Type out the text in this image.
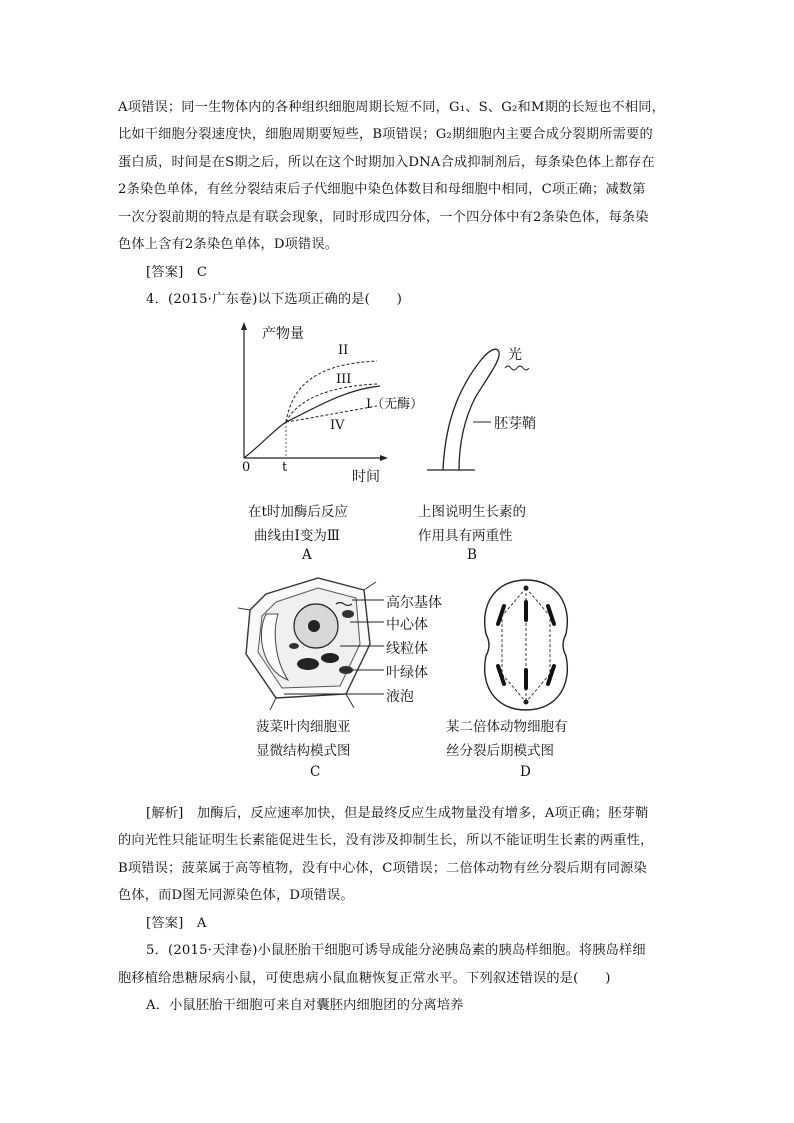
A项错误；同一生物体内的各种组织细胞周期长短不同，G₁、S、G₂和M期的长短也不相同，
比如干细胞分裂速度快，细胞周期要短些，B项错误；G₂期细胞内主要合成分裂期所需要的
蛋白质，时间是在S期之后，所以在这个时期加入DNA合成抑制剂后，每条染色体上都存在
2条染色单体，有丝分裂结束后子代细胞中染色体数目和母细胞中相同，C项正确；减数第
一次分裂前期的特点是有联会现象，同时形成四分体，一个四分体中有2条染色体，每条染
色体上含有2条染色单体，D项错误。
[答案]　C
4．(2015·广东卷)以下选项正确的是(　　)
产物量
II
III
I（无酶）
IV
0 t
时间
在t时加酶后反应
曲线由Ⅰ变为Ⅲ
A
光
胚芽鞘
上图说明生长素的
作用具有两重性
B
高尔基体
中心体
线粒体
叶绿体
液泡
菠菜叶肉细胞亚
显微结构模式图
C
某二倍体动物细胞有
丝分裂后期模式图
D
[解析]　加酶后，反应速率加快，但是最终反应生成物量没有增多，A项正确；胚芽鞘
的向光性只能证明生长素能促进生长，没有涉及抑制生长，所以不能证明生长素的两重性，
B项错误；菠菜属于高等植物，没有中心体，C项错误；二倍体动物有丝分裂后期有同源染
色体，而D图无同源染色体，D项错误。
[答案]　A
5．(2015·天津卷)小鼠胚胎干细胞可诱导成能分泌胰岛素的胰岛样细胞。将胰岛样细
胞移植给患糖尿病小鼠，可使患病小鼠血糖恢复正常水平。下列叙述错误的是(　　)
A．小鼠胚胎干细胞可来自对囊胚内细胞团的分离培养
